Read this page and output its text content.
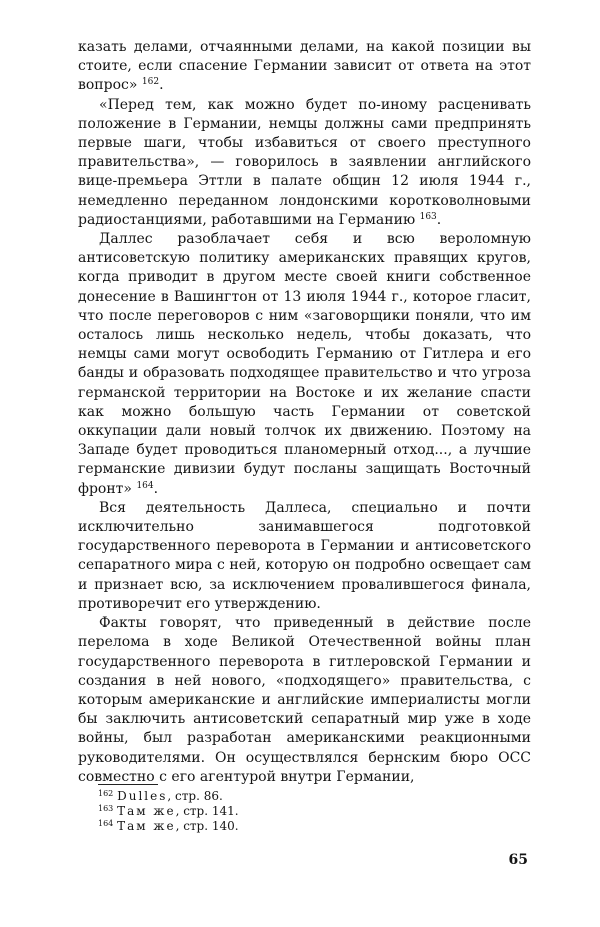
казать делами, отчаянными делами, на какой позиции вы стоите, если спасение Германии зависит от ответа на этот вопрос» $^{162}$.

«Перед тем, как можно будет по-иному расценивать положение в Германии, немцы должны сами предпринять первые шаги, чтобы избавиться от своего преступного правительства», — говорилось в заявлении английского вице-премьера Эттли в палате общин 12 июля 1944 г., немедленно переданном лондонскими коротковолновыми радиостанциями, работавшими на Германию $^{163}$.

Даллес разоблачает себя и всю вероломную антисоветскую политику американских правящих кругов, когда приводит в другом месте своей книги собственное донесение в Вашингтон от 13 июля 1944 г., которое гласит, что после переговоров с ним «заговорщики поняли, что им осталось лишь несколько недель, чтобы доказать, что немцы сами могут освободить Германию от Гитлера и его банды и образовать подходящее правительство и что угроза германской территории на Востоке и их желание спасти как можно большую часть Германии от советской оккупации дали новый толчок их движению. Поэтому на Западе будет проводиться планомерный отход..., а лучшие германские дивизии будут посланы защищать Восточный фронт» $^{164}$.

Вся деятельность Даллеса, специально и почти исключительно занимавшегося подготовкой государственного переворота в Германии и антисоветского сепаратного мира с ней, которую он подробно освещает сам и признает всю, за исключением провалившегося финала, противоречит его утверждению.

Факты говорят, что приведенный в действие после перелома в ходе Великой Отечественной войны план государственного переворота в гитлеровской Германии и создания в ней нового, «подходящего» правительства, с которым американские и английские империалисты могли бы заключить антисоветский сепаратный мир уже в ходе войны, был разработан американскими реакционными руководителями. Он осуществлялся бернским бюро ОСС совместно с его агентурой внутри Германии,

$^{162}$ Dulles, стр. 86.

$^{163}$ Там же, стр. 141.

$^{164}$ Там же, стр. 140.

65
